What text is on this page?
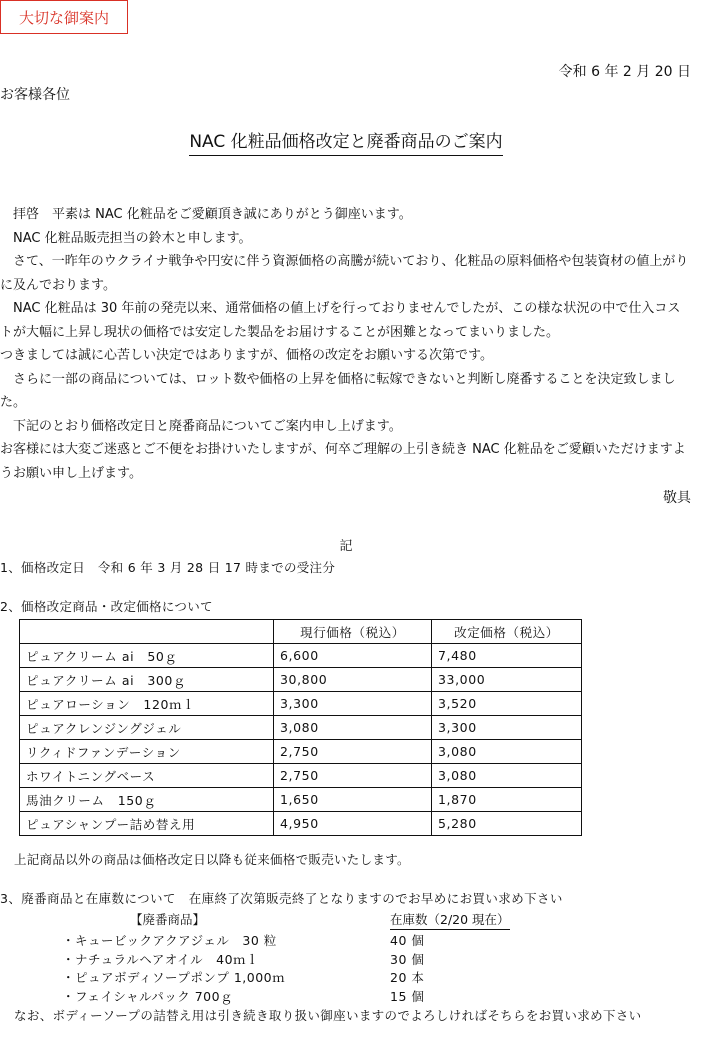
大切な御案内
令和 6 年 2 月 20 日
お客様各位
NAC 化粧品価格改定と廃番商品のご案内

拝啓　平素は NAC 化粧品をご愛顧頂き誠にありがとう御座います。

NAC 化粧品販売担当の鈴木と申します。

さて、一昨年のウクライナ戦争や円安に伴う資源価格の高騰が続いており、化粧品の原料価格や包装資材の値上がりに及んでおります。

NAC 化粧品は 30 年前の発売以来、通常価格の値上げを行っておりませんでしたが、この様な状況の中で仕入コストが大幅に上昇し現状の価格では安定した製品をお届けすることが困難となってまいりました。

つきましては誠に心苦しい決定ではありますが、価格の改定をお願いする次第です。

さらに一部の商品については、ロット数や価格の上昇を価格に転嫁できないと判断し廃番することを決定致しました。

下記のとおり価格改定日と廃番商品についてご案内申し上げます。

お客様には大変ご迷惑とご不便をお掛けいたしますが、何卒ご理解の上引き続き NAC 化粧品をご愛顧いただけますようお願い申し上げます。

敬具
記
1、価格改定日　令和 6 年 3 月 28 日 17 時までの受注分
2、価格改定商品・改定価格について
	現行価格（税込）	改定価格（税込）
ピュアクリーム ai　50ｇ	6,600	7,480
ピュアクリーム ai　300ｇ	30,800	33,000
ピュアローション　120ｍｌ	3,300	3,520
ピュアクレンジングジェル	3,080	3,300
リクィドファンデーション	2,750	3,080
ホワイトニングベース	2,750	3,080
馬油クリーム　150ｇ	1,650	1,870
ピュアシャンプー詰め替え用	4,950	5,280
上記商品以外の商品は価格改定日以降も従来価格で販売いたします。
3、廃番商品と在庫数について　在庫終了次第販売終了となりますのでお早めにお買い求め下さい
【廃番商品】	在庫数（2/20 現在）
・キュービックアクアジェル　30 粒	40 個
・ナチュラルヘアオイル　40ｍｌ	30 個
・ピュアボディソープポンプ 1,000ｍ	20 本
・フェイシャルパック 700ｇ	15 個
なお、ボディーソープの詰替え用は引き続き取り扱い御座いますのでよろしければそちらをお買い求め下さい
